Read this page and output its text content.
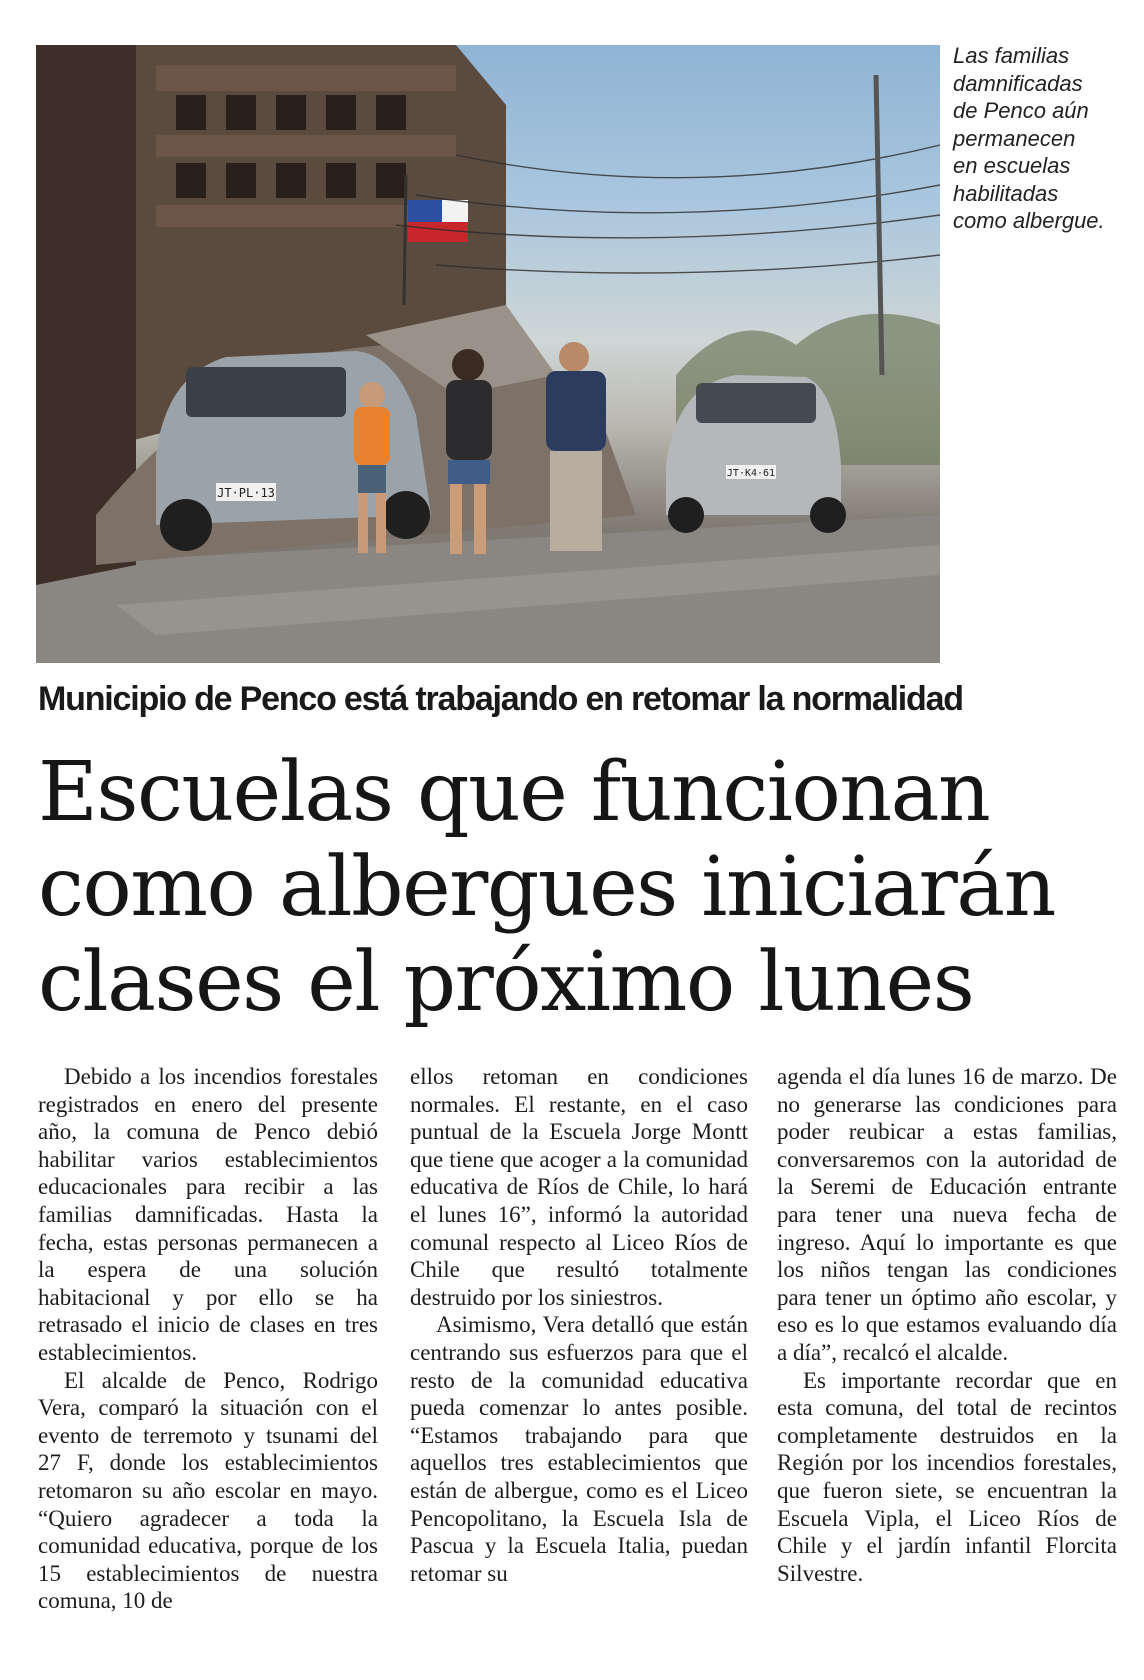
JT·PL·13
JT·K4·61
Las familias
damnificadas
de Penco aún
permanecen
en escuelas
habilitadas
como albergue.
Municipio de Penco está trabajando en retomar la normalidad
Escuelas que funcionan
como albergues iniciarán
clases el próximo lunes

Debido a los incendios forestales registrados en enero del presente año, la comuna de Penco debió habilitar varios establecimientos educacionales para recibir a las familias damnificadas. Hasta la fecha, estas personas permanecen a la espera de una solución habitacional y por ello se ha retrasado el inicio de clases en tres establecimientos.

El alcalde de Penco, Rodrigo Vera, comparó la situación con el evento de terremoto y tsunami del 27 F, donde los establecimientos retomaron su año escolar en mayo. “Quiero agradecer a toda la comunidad educativa, porque de los 15 establecimientos de nuestra comuna, 10 de

ellos retoman en condiciones normales. El restante, en el caso puntual de la Escuela Jorge Montt que tiene que acoger a la comunidad educativa de Ríos de Chile, lo hará el lunes 16”, informó la autoridad comunal respecto al Liceo Ríos de Chile que resultó totalmente destruido por los siniestros.

Asimismo, Vera detalló que están centrando sus esfuerzos para que el resto de la comunidad educativa pueda comenzar lo antes posible. “Estamos trabajando para que aquellos tres establecimientos que están de albergue, como es el Liceo Pencopolitano, la Escuela Isla de Pascua y la Escuela Italia, puedan retomar su

agenda el día lunes 16 de marzo. De no generarse las condiciones para poder reubicar a estas familias, conversaremos con la autoridad de la Seremi de Educación entrante para tener una nueva fecha de ingreso. Aquí lo importante es que los niños tengan las condiciones para tener un óptimo año escolar, y eso es lo que estamos evaluando día a día”, recalcó el alcalde.

Es importante recordar que en esta comuna, del total de recintos completamente destruidos en la Región por los incendios forestales, que fueron siete, se encuentran la Escuela Vipla, el Liceo Ríos de Chile y el jardín infantil Florcita Silvestre.
